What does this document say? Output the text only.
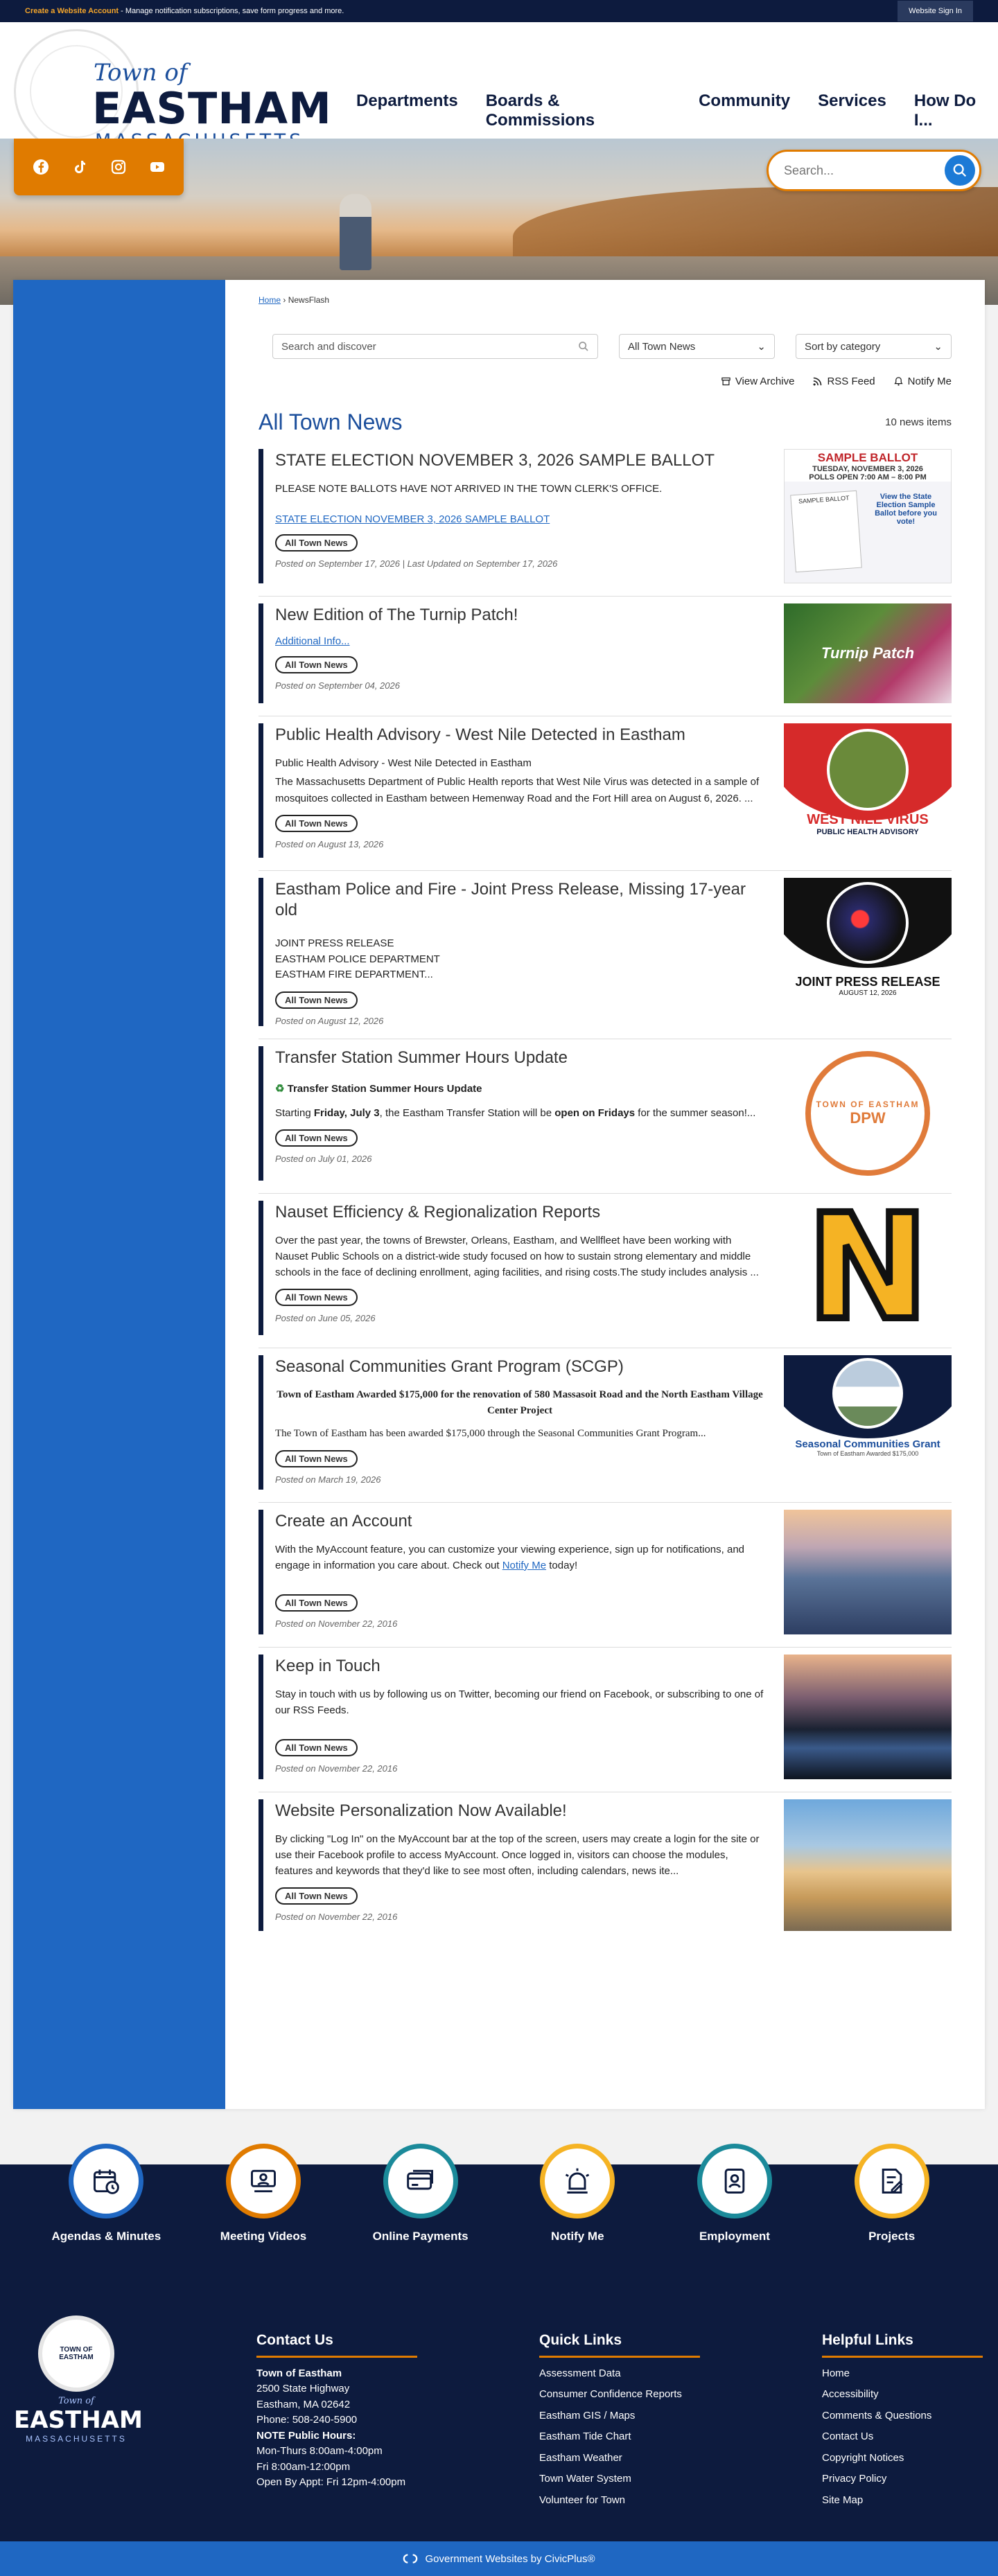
Create a Website Account - Manage notification subscriptions, save form progress and more.	Website Sign In
Town of
EASTHAM Departments Boards & Commissions
Community Services How Do I...
Search...
Home › NewsFlash
Search and discover	All Town News	⌄	Sort by category	⌄
View Archive	RSS Feed	Notify Me
All Town News	10 news items
STATE ELECTION NOVEMBER 3, 2026 SAMPLE BALLOT

PLEASE NOTE BALLOTS HAVE NOT ARRIVED IN THE TOWN CLERK'S OFFICE.

STATE ELECTION NOVEMBER 3, 2026 SAMPLE BALLOT
All Town News
Posted on September 17, 2026 | Last Updated on September 17, 2026
SAMPLE BALLOT
TUESDAY, NOVEMBER 3, 2026
POLLS OPEN 7:00 AM – 8:00 PM
SAMPLE BALLOT	View the State Election Sample Ballot before you vote!
New Edition of The Turnip Patch!
Additional Info...
All Town News
Posted on September 04, 2026
Turnip Patch
Public Health Advisory - West Nile Detected in Eastham

Public Health Advisory - West Nile Detected in Eastham

The Massachusetts Department of Public Health reports that West Nile Virus was detected in a sample of mosquitoes collected in Eastham between Hemenway Road and the Fort Hill area on August 6, 2026. ...

All Town News
Posted on August 13, 2026
WEST NILE VIRUS
PUBLIC HEALTH ADVISORY
Eastham Police and Fire - Joint Press Release, Missing 17-year old

JOINT PRESS RELEASE

EASTHAM POLICE DEPARTMENT

EASTHAM FIRE DEPARTMENT...

All Town News
Posted on August 12, 2026
JOINT PRESS RELEASE
AUGUST 12, 2026
Transfer Station Summer Hours Update

♻ Transfer Station Summer Hours Update

Starting Friday, July 3, the Eastham Transfer Station will be open on Fridays for the summer season!...

All Town News
Posted on July 01, 2026
TOWN OF EASTHAM
DPW
Nauset Efficiency & Regionalization Reports

Over the past year, the towns of Brewster, Orleans, Eastham, and Wellfleet have been working with Nauset Public Schools on a district-wide study focused on how to sustain strong elementary and middle schools in the face of declining enrollment, aging facilities, and rising costs.The study includes analysis ...

All Town News
Posted on June 05, 2026	N
Seasonal Communities Grant Program (SCGP)

Town of Eastham Awarded $175,000 for the renovation of 580 Massasoit Road and the North Eastham Village Center Project

The Town of Eastham has been awarded $175,000 through the Seasonal Communities Grant Program...

All Town News
Posted on March 19, 2026
Seasonal Communities Grant
Town of Eastham Awarded $175,000
Create an Account

With the MyAccount feature, you can customize your viewing experience, sign up for notifications, and engage in information you care about. Check out Notify Me today!

All Town News
Posted on November 22, 2016
Keep in Touch

Stay in touch with us by following us on Twitter, becoming our friend on Facebook, or subscribing to one of our RSS Feeds.

All Town News
Posted on November 22, 2016
Website Personalization Now Available!

By clicking "Log In" on the MyAccount bar at the top of the screen, users may create a login for the site or use their Facebook profile to access MyAccount. Once logged in, visitors can choose the modules, features and keywords that they'd like to see most often, including calendars, news ite...

All Town News
Posted on November 22, 2016
Agendas & Minutes	Meeting Videos	Online Payments	Notify Me	Employment	Projects
TOWN OF EASTHAM
Town of
EASTHAM
MASSACHUSETTS
Contact Us
Town of Eastham
2500 State Highway
Eastham, MA 02642
Phone: 508-240-5900
NOTE Public Hours:
Mon-Thurs 8:00am-4:00pm
Fri 8:00am-12:00pm
Open By Appt: Fri 12pm-4:00pm
Quick Links
Assessment Data
Consumer Confidence Reports
Eastham GIS / Maps
Eastham Tide Chart
Eastham Weather
Town Water System
Volunteer for Town
Helpful Links
Home
Accessibility
Comments & Questions
Contact Us
Copyright Notices
Privacy Policy
Site Map
Government Websites by CivicPlus®
